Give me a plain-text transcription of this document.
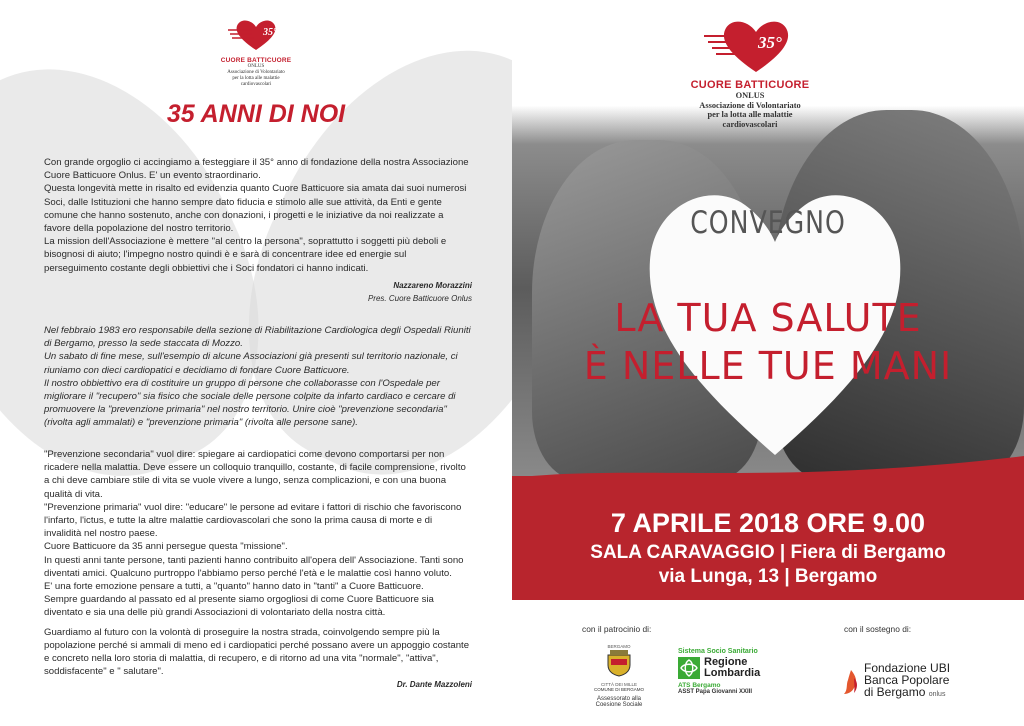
35°
CUORE BATTICUORE
ONLUS
Associazione di Volontariato
per la lotta alle malattie
cardiovascolari
35 ANNI DI NOI

Con grande orgoglio ci accingiamo a festeggiare il 35° anno di fondazione della nostra Associazione Cuore Batticuore Onlus. E' un evento straordinario.

Questa longevità mette in risalto ed evidenzia quanto Cuore Batticuore sia amata dai suoi numerosi Soci, dalle Istituzioni che hanno sempre dato fiducia e stimolo alle sue attività, da Enti e gente comune che hanno sostenuto, anche con donazioni, i progetti e le iniziative da noi realizzate a favore della popolazione del nostro territorio.

La mission dell'Associazione è mettere "al centro la persona", soprattutto i soggetti più deboli e bisognosi di aiuto; l'impegno nostro quindi è e sarà di concentrare idee ed energie sul perseguimento costante degli obbiettivi che i Soci fondatori ci hanno indicati.

Nazzareno Morazzini

Pres. Cuore Batticuore Onlus

Nel febbraio 1983 ero responsabile della sezione di Riabilitazione Cardiologica degli Ospedali Riuniti di Bergamo, presso la sede staccata di Mozzo.

Un sabato di fine mese, sull'esempio di alcune Associazioni già presenti sul territorio nazionale, ci riuniamo con dieci cardiopatici e decidiamo di fondare Cuore Batticuore.

Il nostro obbiettivo era di costituire un gruppo di persone che collaborasse con l'Ospedale per migliorare il "recupero" sia fisico che sociale delle persone colpite da infarto cardiaco e cercare di promuovere la "prevenzione primaria" nel nostro territorio. Unire cioè "prevenzione secondaria" (rivolta agli ammalati) e "prevenzione primaria" (rivolta alle persone sane).

"Prevenzione secondaria" vuol dire: spiegare ai cardiopatici come devono comportarsi per non ricadere nella malattia. Deve essere un colloquio tranquillo, costante, di facile comprensione, rivolto a chi deve cambiare stile di vita se vuole vivere a lungo, senza complicazioni, e con una buona qualità di vita.

"Prevenzione primaria" vuol dire: "educare" le persone ad evitare i fattori di rischio che favoriscono l'infarto, l'ictus, e tutte la altre malattie cardiovascolari che sono la prima causa di morte e di invalidità nel nostro paese.

Cuore Batticuore da 35 anni persegue questa "missione".

In questi anni tante persone, tanti pazienti hanno contribuito all'opera dell' Associazione. Tanti sono diventati amici. Qualcuno purtroppo l'abbiamo perso perché l'età e le malattie così hanno voluto.

E' una forte emozione pensare a tutti, a "quanto" hanno dato in "tanti" a Cuore Batticuore.

Sempre guardando al passato ed al presente siamo orgogliosi di come Cuore Batticuore sia diventato e sia una delle più grandi Associazioni di volontariato della nostra città.

Guardiamo al futuro con la volontà di proseguire la nostra strada, coinvolgendo sempre più la popolazione perché si ammali di meno ed i cardiopatici perché possano avere un appoggio costante e concreto nella loro storia di malattia, di recupero, e di ritorno ad una vita "normale", "attiva", soddisfacente" e " salutare".

Dr. Dante Mazzoleni

35°
CUORE BATTICUORE
ONLUS
Associazione di Volontariato
per la lotta alle malattie
cardiovascolari
CONVEGNO
LA TUA SALUTE
È NELLE TUE MANI
7 APRILE 2018 ORE 9.00
SALA CARAVAGGIO | Fiera di Bergamo
via Lunga, 13 | Bergamo
con il patrocinio di:	con il sostegno di:
BERGAMO
CITTÀ DEI MILLE
COMUNE DI BERGAMO
Assessorato alla
Coesione Sociale
Sistema Socio Sanitario
Regione
Lombardia
ATS Bergamo
ASST Papa Giovanni XXIII
Fondazione UBI
Banca Popolare
di Bergamo onlus
